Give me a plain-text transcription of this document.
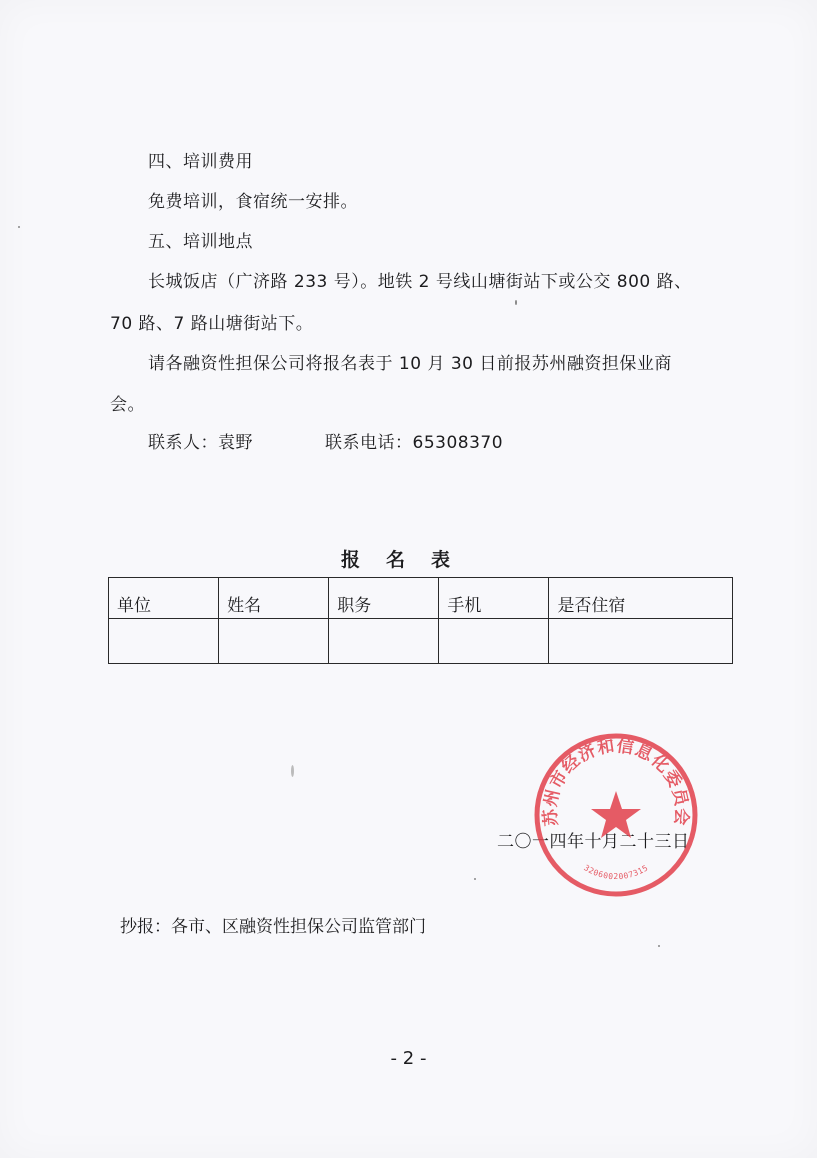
四、培训费用
免费培训，食宿统一安排。
五、培训地点
长城饭店（广济路 233 号）。地铁 2 号线山塘街站下或公交 800 路、
70 路、7 路山塘街站下。
请各融资性担保公司将报名表于 10 月 30 日前报苏州融资担保业商
会。
联系人：袁野	联系电话：65308370
报名表
单位	姓名	职务	手机	是否住宿

二〇一四年十月二十三日
苏州市经济和信息化委员会
3206002007315
抄报：各市、区融资性担保公司监管部门
- 2 -
